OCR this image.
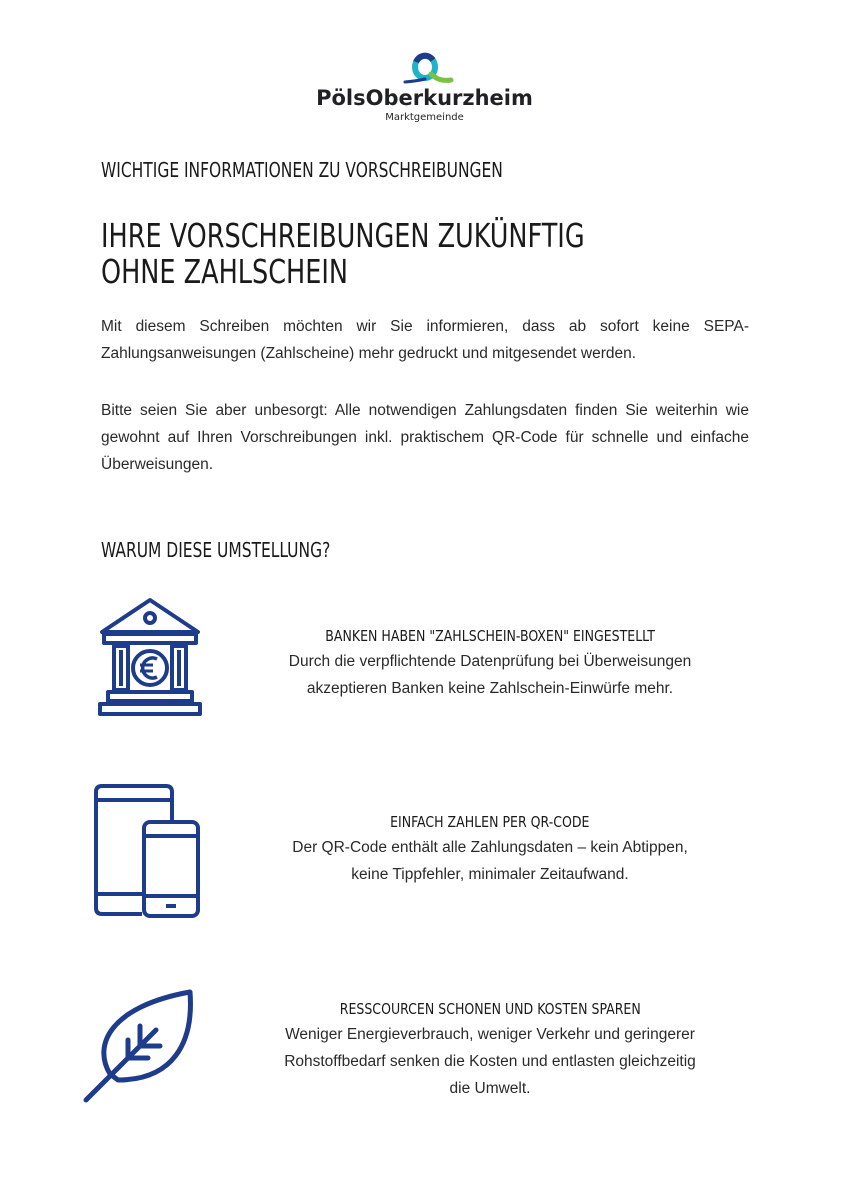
PölsOberkurzheim
Marktgemeinde
WICHTIGE INFORMATIONEN ZU VORSCHREIBUNGEN
IHRE VORSCHREIBUNGEN ZUKÜNFTIG
OHNE ZAHLSCHEIN

Mit diesem Schreiben möchten wir Sie informieren, dass ab sofort keine SEPA-Zahlungsanweisungen (Zahlscheine) mehr gedruckt und mitgesendet werden.

Bitte seien Sie aber unbesorgt: Alle notwendigen Zahlungsdaten finden Sie weiterhin wie gewohnt auf Ihren Vorschreibungen inkl. praktischem QR-Code für schnelle und einfache Überweisungen.

WARUM DIESE UMSTELLUNG?
BANKEN HABEN "ZAHLSCHEIN-BOXEN" EINGESTELLT

Durch die verpflichtende Datenprüfung bei Überweisungen
akzeptieren Banken keine Zahlschein-Einwürfe mehr.

EINFACH ZAHLEN PER QR-CODE

Der QR-Code enthält alle Zahlungsdaten – kein Abtippen,
keine Tippfehler, minimaler Zeitaufwand.

RESSCOURCEN SCHONEN UND KOSTEN SPAREN

Weniger Energieverbrauch, weniger Verkehr und geringerer
Rohstoffbedarf senken die Kosten und entlasten gleichzeitig
die Umwelt.
